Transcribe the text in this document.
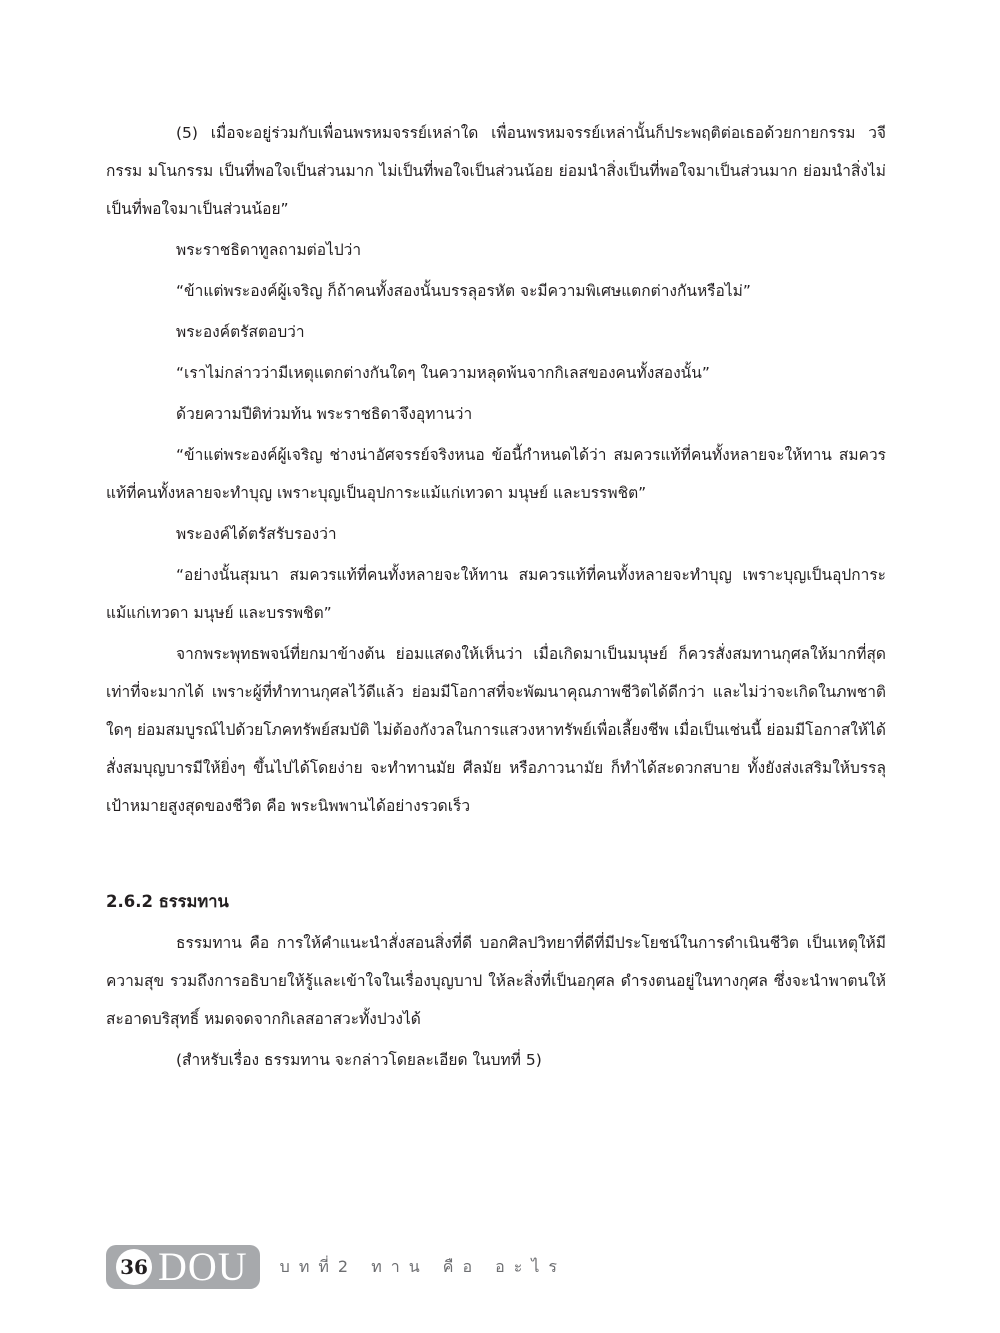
(5) เมื่อจะอยู่ร่วมกับเพื่อนพรหมจรรย์เหล่าใด เพื่อนพรหมจรรย์เหล่านั้นก็ประพฤติต่อเธอด้วยกายกรรม วจีกรรม มโนกรรม เป็นที่พอใจเป็นส่วนมาก ไม่เป็นที่พอใจเป็นส่วนน้อย ย่อมนำสิ่งเป็นที่พอใจมาเป็นส่วนมาก ย่อมนำสิ่งไม่เป็นที่พอใจมาเป็นส่วนน้อย”

พระราชธิดาทูลถามต่อไปว่า

“ข้าแต่พระองค์ผู้เจริญ ก็ถ้าคนทั้งสองนั้นบรรลุอรหัต จะมีความพิเศษแตกต่างกันหรือไม่”

พระองค์ตรัสตอบว่า

“เราไม่กล่าวว่ามีเหตุแตกต่างกันใดๆ ในความหลุดพ้นจากกิเลสของคนทั้งสองนั้น”

ด้วยความปีติท่วมท้น พระราชธิดาจึงอุทานว่า

“ข้าแต่พระองค์ผู้เจริญ ช่างน่าอัศจรรย์จริงหนอ ข้อนี้กำหนดได้ว่า สมควรแท้ที่คนทั้งหลายจะให้ทาน สมควรแท้ที่คนทั้งหลายจะทำบุญ เพราะบุญเป็นอุปการะแม้แก่เทวดา มนุษย์ และบรรพชิต”

พระองค์ได้ตรัสรับรองว่า

“อย่างนั้นสุมนา สมควรแท้ที่คนทั้งหลายจะให้ทาน สมควรแท้ที่คนทั้งหลายจะทำบุญ เพราะบุญเป็นอุปการะแม้แก่เทวดา มนุษย์ และบรรพชิต”

จากพระพุทธพจน์ที่ยกมาข้างต้น ย่อมแสดงให้เห็นว่า เมื่อเกิดมาเป็นมนุษย์ ก็ควรสั่งสมทานกุศลให้มากที่สุดเท่าที่จะมากได้ เพราะผู้ที่ทำทานกุศลไว้ดีแล้ว ย่อมมีโอกาสที่จะพัฒนาคุณภาพชีวิตได้ดีกว่า และไม่ว่าจะเกิดในภพชาติใดๆ ย่อมสมบูรณ์ไปด้วยโภคทรัพย์สมบัติ ไม่ต้องกังวลในการแสวงหาทรัพย์เพื่อเลี้ยงชีพ เมื่อเป็นเช่นนี้ ย่อมมีโอกาสให้ได้สั่งสมบุญบารมีให้ยิ่งๆ ขึ้นไปได้โดยง่าย จะทำทานมัย ศีลมัย หรือภาวนามัย ก็ทำได้สะดวกสบาย ทั้งยังส่งเสริมให้บรรลุเป้าหมายสูงสุดของชีวิต คือ พระนิพพานได้อย่างรวดเร็ว

2.6.2 ธรรมทาน

ธรรมทาน คือ การให้คำแนะนำสั่งสอนสิ่งที่ดี บอกศิลปวิทยาที่ดีที่มีประโยชน์ในการดำเนินชีวิต เป็นเหตุให้มีความสุข รวมถึงการอธิบายให้รู้และเข้าใจในเรื่องบุญบาป ให้ละสิ่งที่เป็นอกุศล ดำรงตนอยู่ในทางกุศล ซึ่งจะนำพาตนให้สะอาดบริสุทธิ์ หมดจดจากกิเลสอาสวะทั้งปวงได้

(สำหรับเรื่อง ธรรมทาน จะกล่าวโดยละเอียด ในบทที่ 5)

36 DOU บทที่2 ทาน คือ อะไร
